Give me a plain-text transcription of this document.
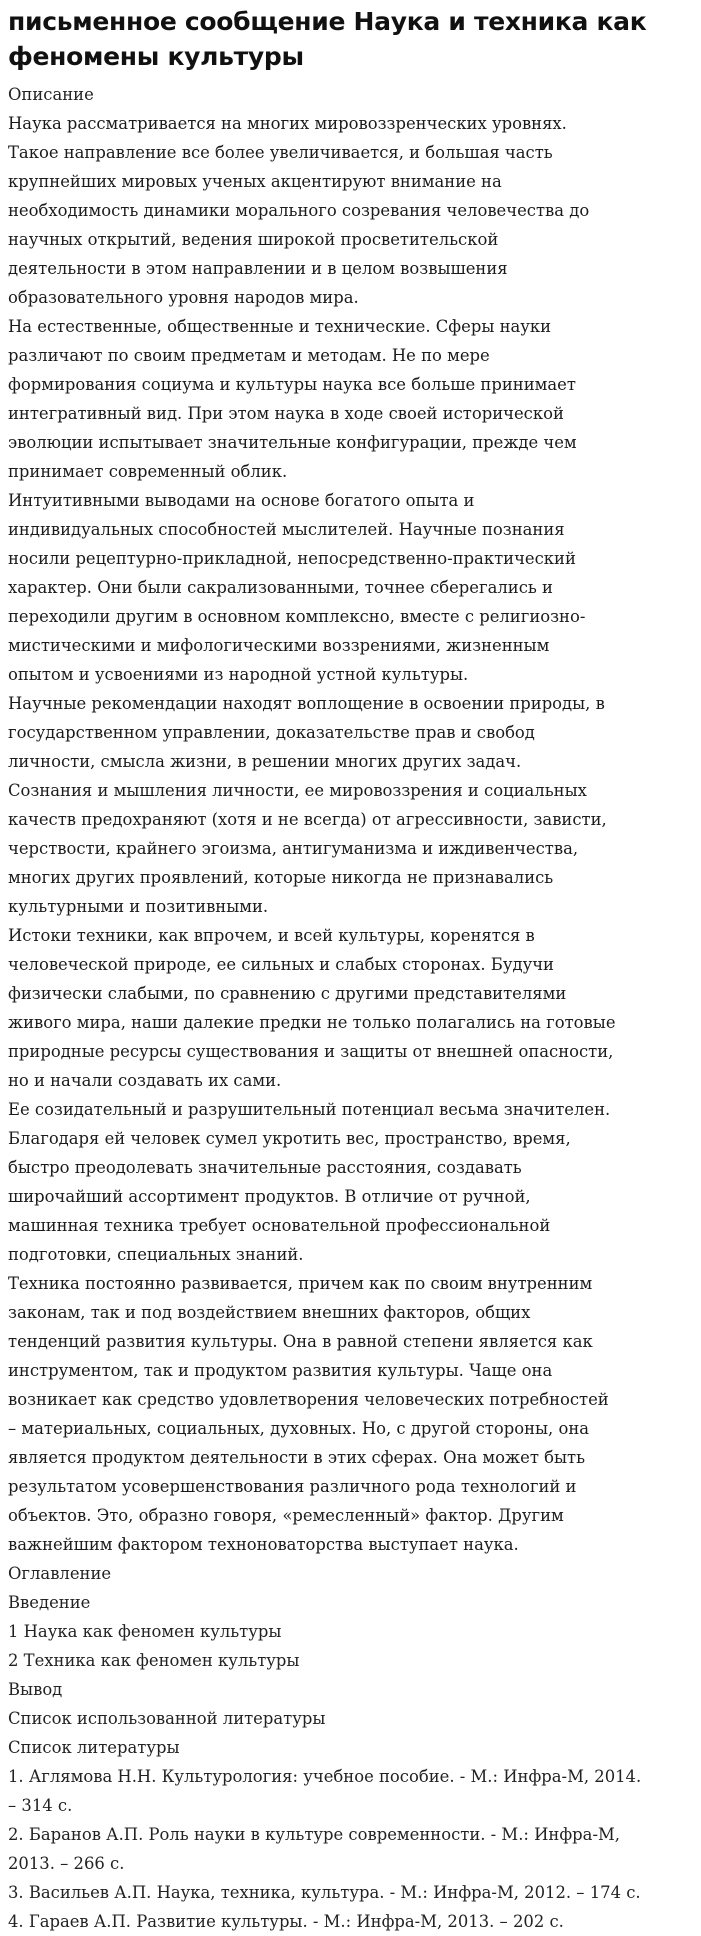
письменное сообщение Наука и техника как
феномены культуры

Описание

Наука рассматривается на многих мировоззренческих уровнях.

Такое направление все более увеличивается, и большая часть

крупнейших мировых ученых акцентируют внимание на

необходимость динамики морального созревания человечества до

научных открытий, ведения широкой просветительской

деятельности в этом направлении и в целом возвышения

образовательного уровня народов мира.

На естественные, общественные и технические. Сферы науки

различают по своим предметам и методам. Не по мере

формирования социума и культуры наука все больше принимает

интегративный вид. При этом наука в ходе своей исторической

эволюции испытывает значительные конфигурации, прежде чем

принимает современный облик.

Интуитивными выводами на основе богатого опыта и

индивидуальных способностей мыслителей. Научные познания

носили рецептурно-прикладной, непосредственно-практический

характер. Они были сакрализованными, точнее сберегались и

переходили другим в основном комплексно, вместе с религиозно-

мистическими и мифологическими воззрениями, жизненным

опытом и усвоениями из народной устной культуры.

Научные рекомендации находят воплощение в освоении природы, в

государственном управлении, доказательстве прав и свобод

личности, смысла жизни, в решении многих других задач.

Сознания и мышления личности, ее мировоззрения и социальных

качеств предохраняют (хотя и не всегда) от агрессивности, зависти,

черствости, крайнего эгоизма, антигуманизма и иждивенчества,

многих других проявлений, которые никогда не признавались

культурными и позитивными.

Истоки техники, как впрочем, и всей культуры, коренятся в

человеческой природе, ее сильных и слабых сторонах. Будучи

физически слабыми, по сравнению с другими представителями

живого мира, наши далекие предки не только полагались на готовые

природные ресурсы существования и защиты от внешней опасности,

но и начали создавать их сами.

Ее созидательный и разрушительный потенциал весьма значителен.

Благодаря ей человек сумел укротить вес, пространство, время,

быстро преодолевать значительные расстояния, создавать

широчайший ассортимент продуктов. В отличие от ручной,

машинная техника требует основательной профессиональной

подготовки, специальных знаний.

Техника постоянно развивается, причем как по своим внутренним

законам, так и под воздействием внешних факторов, общих

тенденций развития культуры. Она в равной степени является как

инструментом, так и продуктом развития культуры. Чаще она

возникает как средство удовлетворения человеческих потребностей

– материальных, социальных, духовных. Но, с другой стороны, она

является продуктом деятельности в этих сферах. Она может быть

результатом усовершенствования различного рода технологий и

объектов. Это, образно говоря, «ремесленный» фактор. Другим

важнейшим фактором техноноваторства выступает наука.

Оглавление

Введение
1 Наука как феномен культуры
2 Техника как феномен культуры
Вывод
Список использованной литературы

Список литературы

1. Аглямова Н.Н. Культурология: учебное пособие. - М.: Инфра-М, 2014.

– 314 с.

2. Баранов А.П. Роль науки в культуре современности. - М.: Инфра-М,

2013. – 266 с.

3. Васильев А.П. Наука, техника, культура. - М.: Инфра-М, 2012. – 174 с.

4. Гараев А.П. Развитие культуры. - М.: Инфра-М, 2013. – 202 с.
